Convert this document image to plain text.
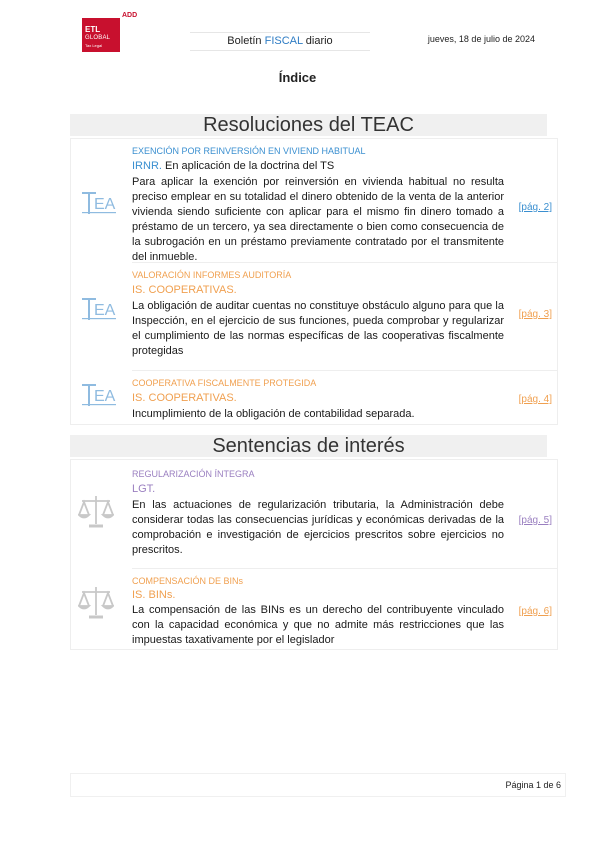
ADD
ETL
GLOBAL
Tax Legal	Boletín FISCAL diario	jueves, 18 de julio de 2024
Índice
Resoluciones del TEAC
EA
EXENCIÓN POR REINVERSIÓN EN VIVIEND HABITUAL
IRNR. En aplicación de la doctrina del TS
Para aplicar la exención por reinversión en vivienda habitual no resulta preciso emplear en su totalidad el dinero obtenido de la venta de la anterior vivienda siendo suficiente con aplicar para el mismo fin dinero tomado a préstamo de un tercero, ya sea directamente o bien como consecuencia de la subrogación en un préstamo previamente contratado por el transmitente del inmueble.
[pág. 2]
EA
VALORACIÓN INFORMES AUDITORÍA
IS. COOPERATIVAS.
La obligación de auditar cuentas no constituye obstáculo alguno para que la Inspección, en el ejercicio de sus funciones, pueda comprobar y regularizar el cumplimiento de las normas específicas de las cooperativas fiscalmente protegidas
[pág. 3]
EA
COOPERATIVA FISCALMENTE PROTEGIDA
IS. COOPERATIVAS.
Incumplimiento de la obligación de contabilidad separada.
[pág. 4]
Sentencias de interés
REGULARIZACIÓN ÍNTEGRA
LGT.
En las actuaciones de regularización tributaria, la Administración debe considerar todas las consecuencias jurídicas y económicas derivadas de la comprobación e investigación de ejercicios prescritos sobre ejercicios no prescritos.
[pág. 5]
COMPENSACIÓN DE BINs
IS. BINs.
La compensación de las BINs es un derecho del contribuyente vinculado con la capacidad económica y que no admite más restricciones que las impuestas taxativamente por el legislador
[pág. 6]
Página 1 de 6
